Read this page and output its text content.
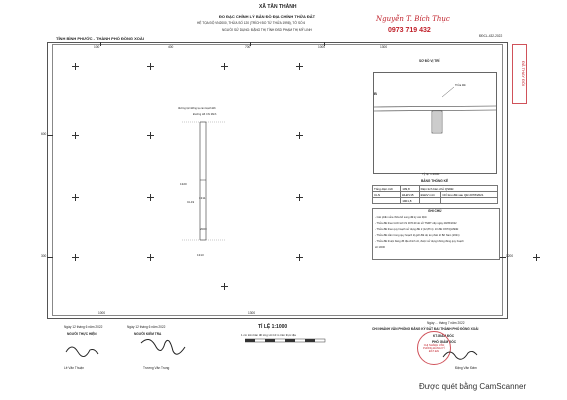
XÃ TÂN THÀNH
ĐO ĐẠC CHỈNH LÝ BẢN ĐỒ ĐỊA CHÍNH THỬA ĐẤT
HỆ TỌA ĐỘ VN2000, THỬA SỐ 120 (TRÍCH ĐO TỪ THỬA 1998), TỜ SỐ 6
NGƯỜI SỬ DỤNG: ĐẶNG THỊ TÌNH ĐSD PHẠM THỊ MỸ LINH
ĐĐCL-432-2022
TỈNH BÌNH PHƯỚC - THÀNH PHỐ ĐỒNG XOÀI
Nguyễn T. Bích Thục
0973 719 432
ĐÃ THAY ĐỔI
100	400	700	1000	1300
600
300	1200
1000	1300
Đường Hồ Chí Minh
đường tộc Đồng tạ can Hạnh Đồ
1320
CL19
1311
2003
1313
SƠ ĐỒ VỊ TRÍ
B
Thửa đất
Tỷ lệ: 1:2000
BẢNG THỐNG KÊ
Tổng diện tích	109,8	Diện tích bàn chủ QSDĐ	
CLN	ĐLĐV15	ĐLĐV mới	Chỉ tiêu đất sau QĐ 2078/2021
	1901,8		
GHI CHÚ
- Các phần sửa chữa bổ sung đã ký xác định
- Thửa đất theo GCN số CS 307130 do sở TNMT cấp ngày 29/05/2022
- Thửa đất theo quy hoạch sử dụng đất 2 (12,87m): 10 đất ONT/QHSDĐ
- Thửa đất nằm trong quy hoạch lộ giới đất dự án phân lô Bờ Nam (2021)
- Thửa đất thuộc bảng đồ địa chính cũ, được sử dụng không đúng quy hoạch
số 1/000
TỈ LỆ 1:1000
1 cm trên bản đồ ứng với 10 m trên thực địa
Ngày 12 tháng 6 năm 2022
NGƯỜI THỰC HIỆN
Lê Văn Thuận
Ngày 12 tháng 6 năm 2022
NGƯỜI KIỂM TRA
Trương Văn Trung
Ngày ... tháng 7 năm 2022
CHI NHÁNH VĂN PHÒNG ĐĂNG KÝ ĐẤT ĐAI THÀNH PHỐ ĐỒNG XOÀI
KT.GIÁM ĐỐC
PHÓ GIÁM ĐỐC
Đặng Văn Đảm
CHI NHÁNH VĂN PHÒNG ĐĂNG KÝ ĐẤT ĐAI
Được quét bằng CamScanner
